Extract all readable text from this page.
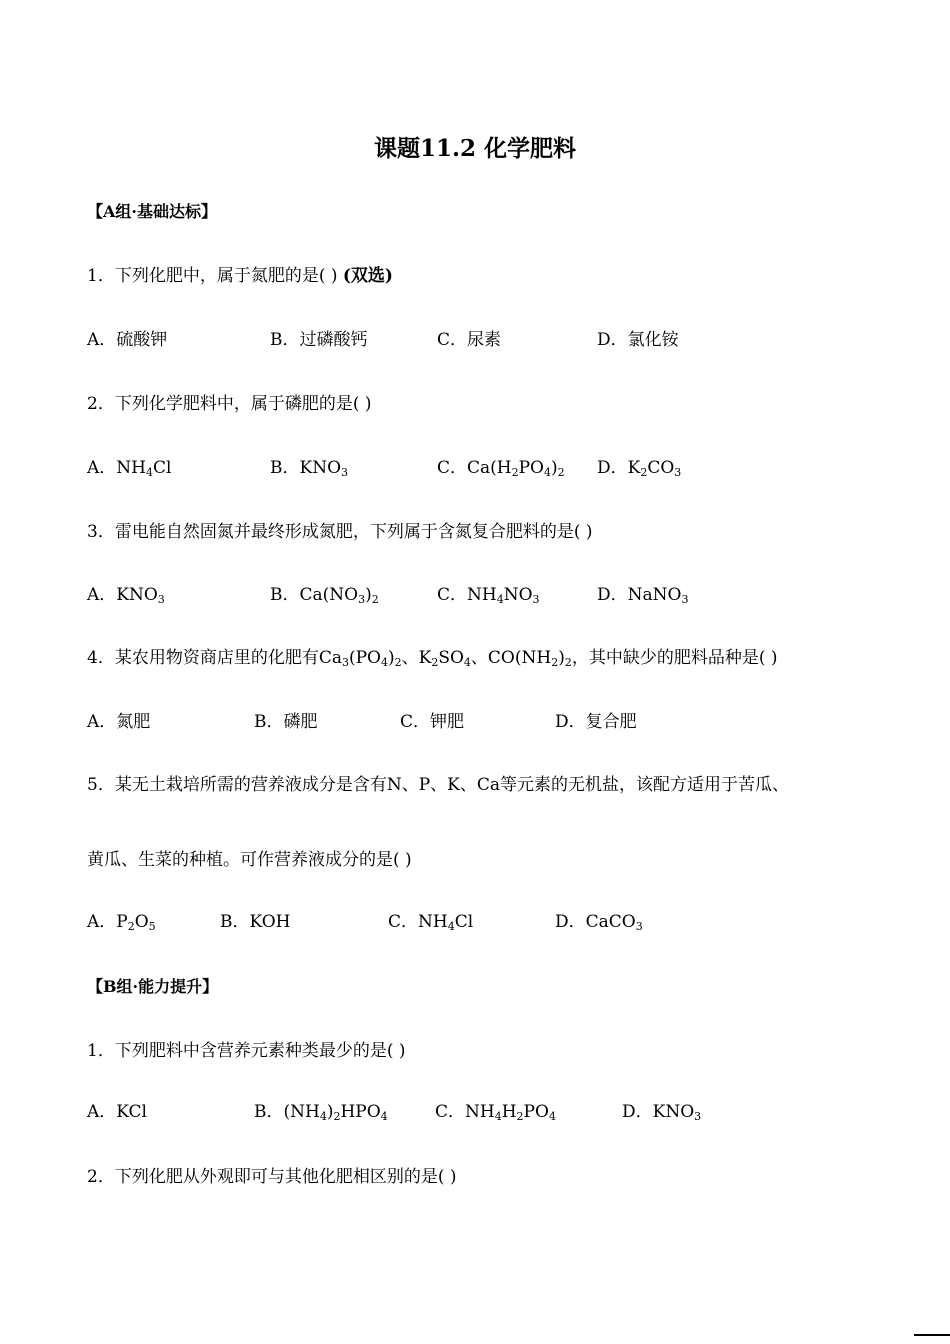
课题11.2 化学肥料
【A组·基础达标】
1．下列化肥中，属于氮肥的是( ) (双选)
A．硫酸钾	B．过磷酸钙	C．尿素	D．氯化铵
2．下列化学肥料中，属于磷肥的是( )
A．$NH_4Cl$	B．$KNO_3$	C．$Ca(H_2PO_4)_2$ D．$K_2CO_3$
3．雷电能自然固氮并最终形成氮肥，下列属于含氮复合肥料的是( )
A．$KNO_3$	B．$Ca(NO_3)_2$	C．$NH_4NO_3$	D．NaNO$_3$
4．某农用物资商店里的化肥有$Ca_3(PO_4)_2$、$K_2SO_4$、$CO(NH_2)_2$，其中缺少的肥料品种是( )
A．氮肥	B．磷肥	C．钾肥	D．复合肥
5．某无土栽培所需的营养液成分是含有N、P、K、Ca等元素的无机盐，该配方适用于苦瓜、
黄瓜、生菜的种植。可作营养液成分的是( )
A．$P_2O_5$	B．KOH	C．$NH_4Cl$	D．CaCO$_3$
【B组·能力提升】
1．下列肥料中含营养元素种类最少的是( )
A．KCl	B．$(NH_4)_2HPO_4$	C．$NH_4H_2PO_4$	D．$KNO_3$
2．下列化肥从外观即可与其他化肥相区别的是( )
